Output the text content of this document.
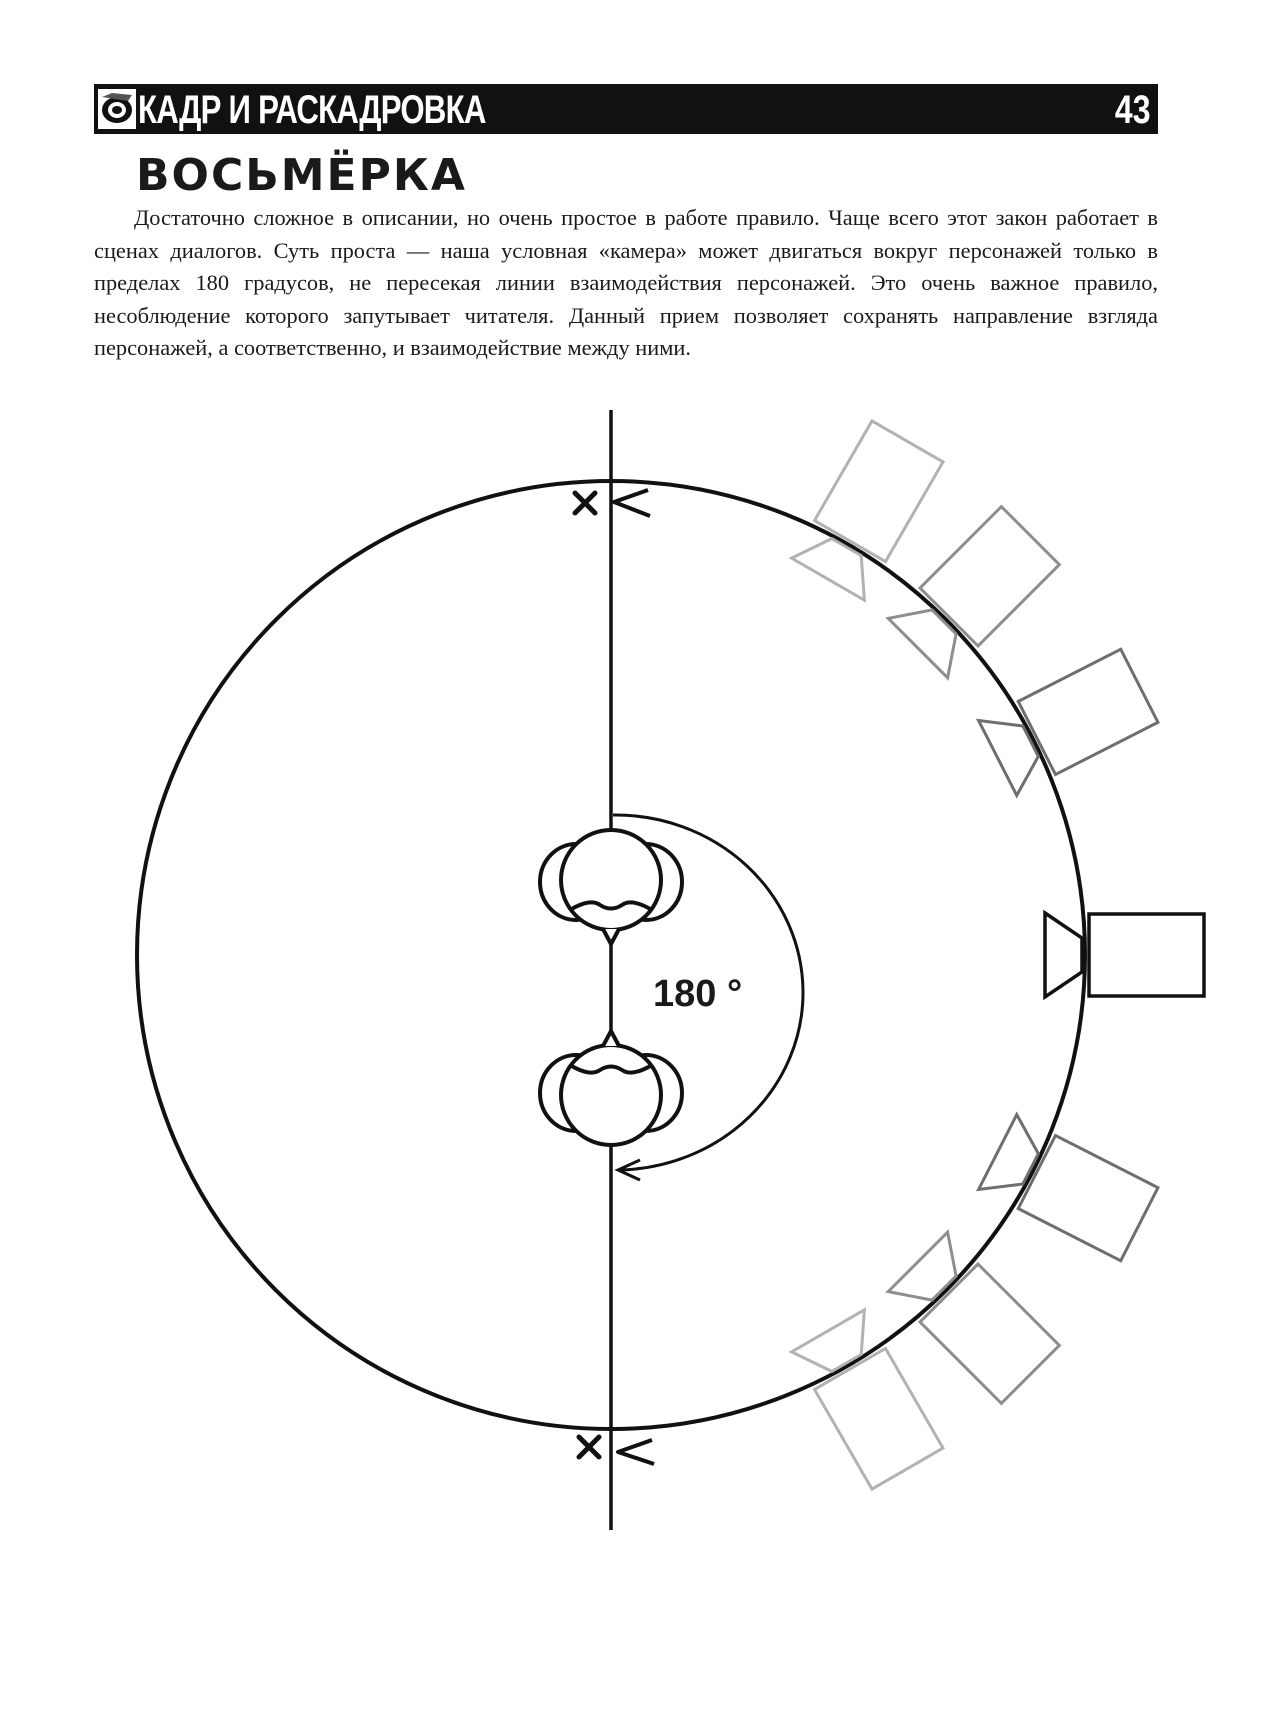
КАДР И РАСКАДРОВКА	43
ВОСЬМЁРКА

Достаточно сложное в описании, но очень простое в работе правило. Чаще всего этот закон работает в сценах диалогов. Суть проста — наша условная «камера» может двигаться вокруг персонажей только в пределах 180 градусов, не пересекая линии взаимодействия персонажей. Это очень важное правило, несоблюдение которого запутывает читателя. Данный прием позволяет сохранять направление взгляда персонажей, а соответственно, и взаимодействие между ними.

180 °
